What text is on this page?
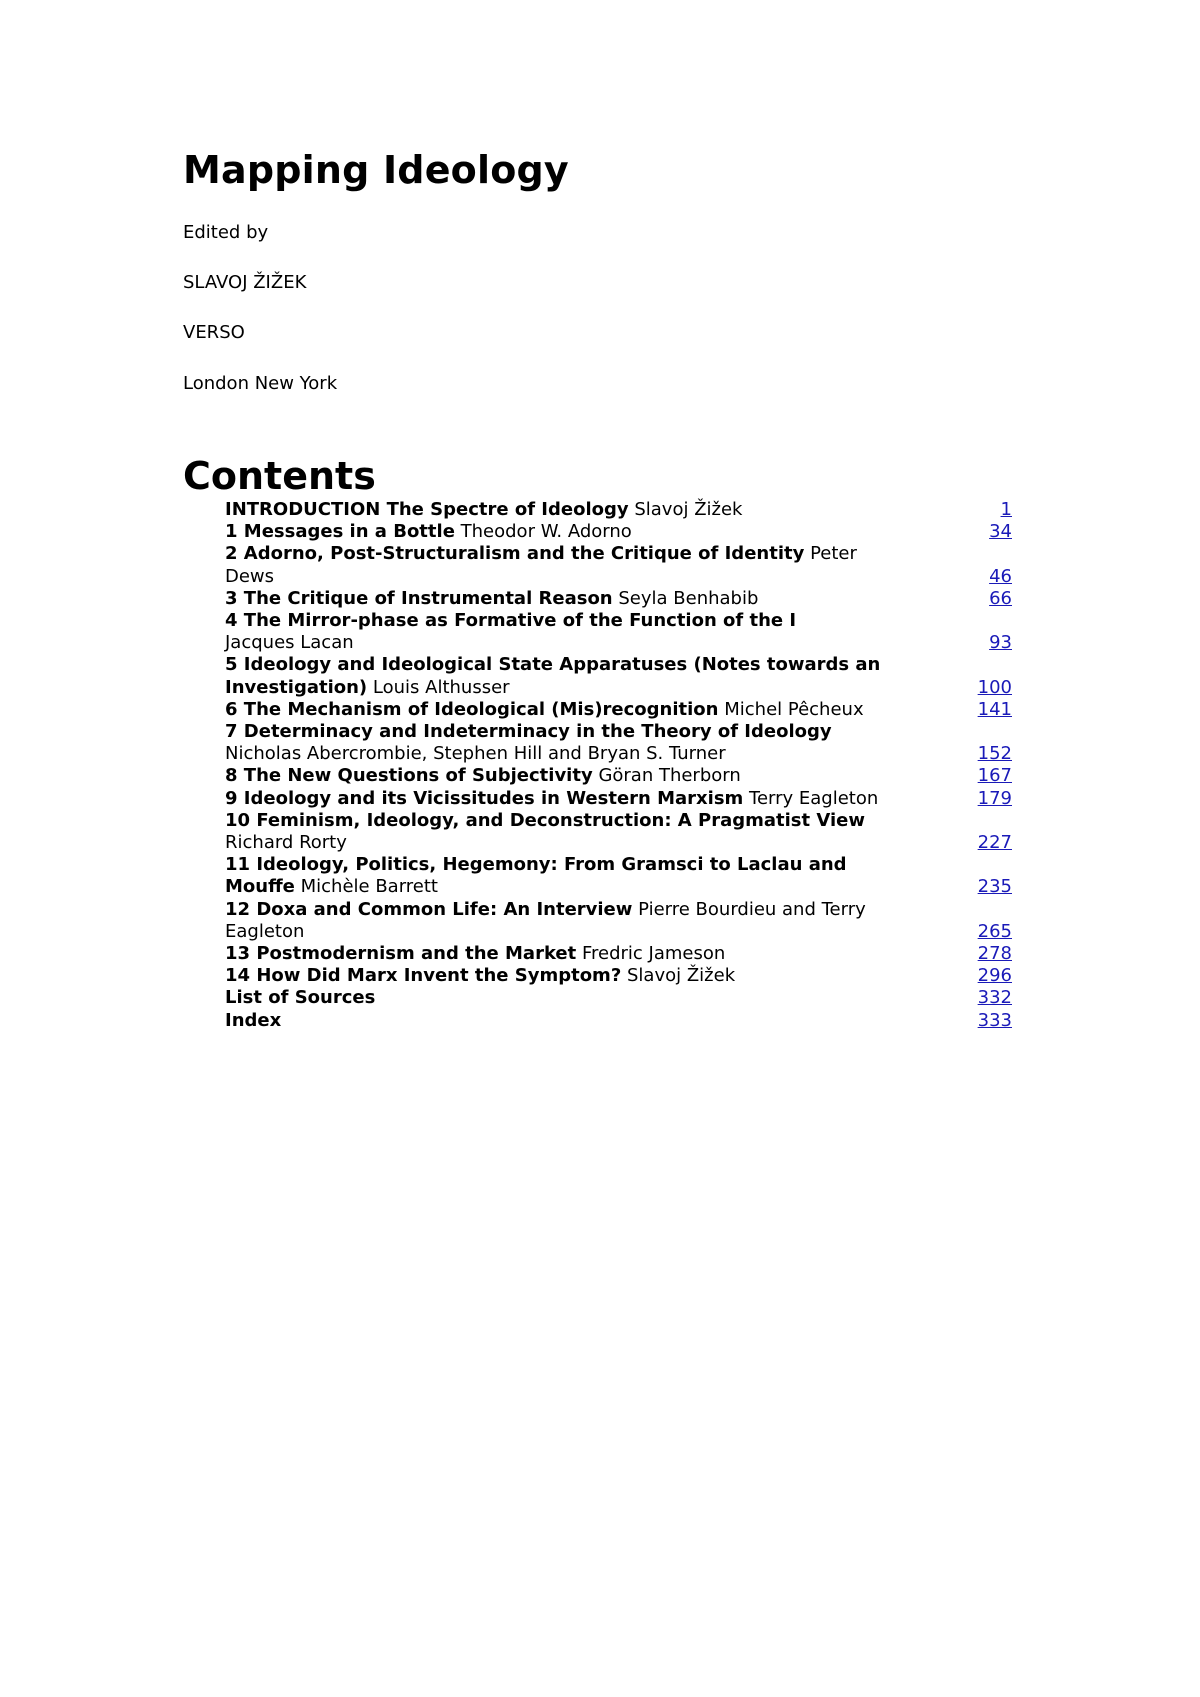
Mapping Ideology

Edited by

SLAVOJ ŽIŽEK

VERSO

London New York

Contents
INTRODUCTION The Spectre of Ideology Slavoj Žižek	1
1 Messages in a Bottle Theodor W. Adorno	34
2 Adorno, Post-Structuralism and the Critique of Identity Peter Dews	46
3 The Critique of Instrumental Reason Seyla Benhabib	66
4 The Mirror-phase as Formative of the Function of the I
Jacques Lacan	93
5 Ideology and Ideological State Apparatuses (Notes towards an Investigation) Louis Althusser	100
6 The Mechanism of Ideological (Mis)recognition Michel Pêcheux	141
7 Determinacy and Indeterminacy in the Theory of Ideology
Nicholas Abercrombie, Stephen Hill and Bryan S. Turner	152
8 The New Questions of Subjectivity Göran Therborn	167
9 Ideology and its Vicissitudes in Western Marxism Terry Eagleton	179
10 Feminism, Ideology, and Deconstruction: A Pragmatist View Richard Rorty	227
11 Ideology, Politics, Hegemony: From Gramsci to Laclau and Mouffe Michèle Barrett	235
12 Doxa and Common Life: An Interview Pierre Bourdieu and Terry Eagleton	265
13 Postmodernism and the Market Fredric Jameson	278
14 How Did Marx Invent the Symptom? Slavoj Žižek	296
List of Sources	332
Index	333
